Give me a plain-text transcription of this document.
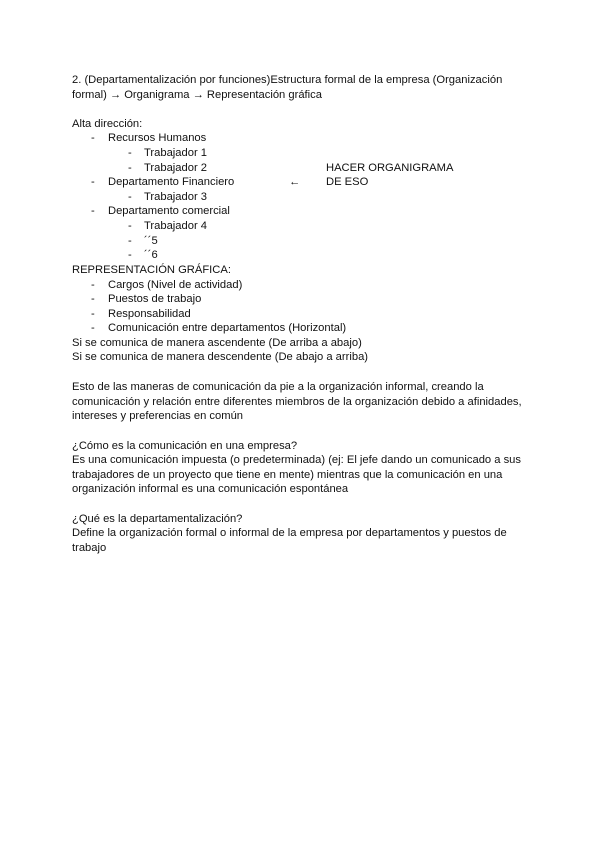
2. (Departamentalización por funciones)Estructura formal de la empresa (Organización
formal) → Organigrama → Representación gráfica
Alta dirección:
- Recursos Humanos
- Trabajador 1
- Trabajador 2
- Departamento Financiero
- Trabajador 3
- Departamento comercial
- Trabajador 4
- ´´5
- ´´6
HACER ORGANIGRAMA
← DE ESO
REPRESENTACIÓN GRÁFICA:
- Cargos (Nivel de actividad)
- Puestos de trabajo
- Responsabilidad
- Comunicación entre departamentos (Horizontal)
Si se comunica de manera ascendente (De arriba a abajo)
Si se comunica de manera descendente (De abajo a arriba)
Esto de las maneras de comunicación da pie a la organización informal, creando la
comunicación y relación entre diferentes miembros de la organización debido a afinidades,
intereses y preferencias en común
¿Cómo es la comunicación en una empresa?
Es una comunicación impuesta (o predeterminada) (ej: El jefe dando un comunicado a sus
trabajadores de un proyecto que tiene en mente) mientras que la comunicación en una
organización informal es una comunicación espontánea
¿Qué es la departamentalización?
Define la organización formal o informal de la empresa por departamentos y puestos de
trabajo
